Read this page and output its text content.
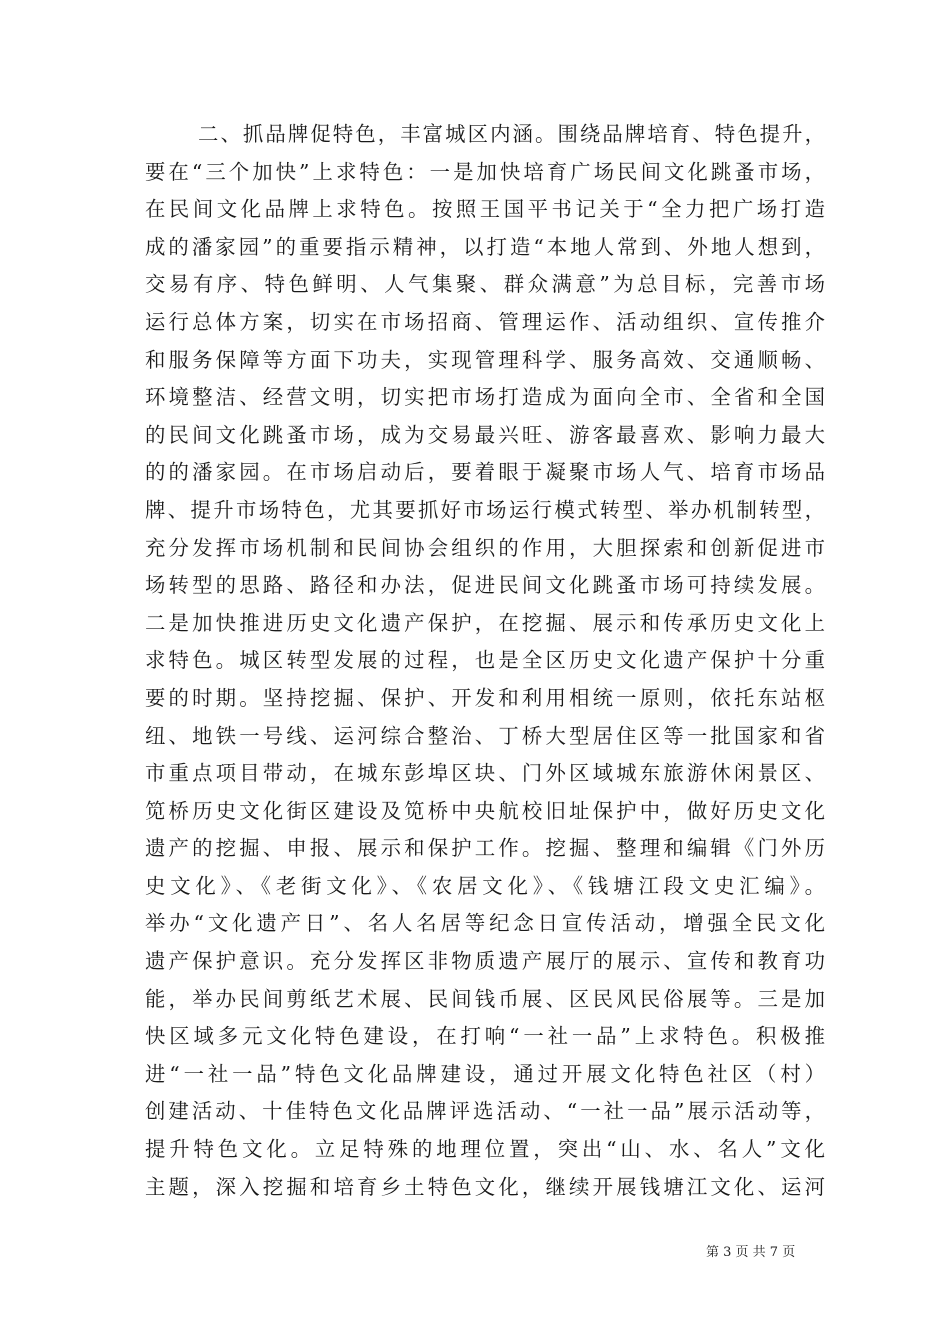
二、抓品牌促特色，丰富城区内涵。围绕品牌培育、特色提升，
要在“三个加快”上求特色：一是加快培育广场民间文化跳蚤市场，
在民间文化品牌上求特色。按照王国平书记关于“全力把广场打造
成的潘家园”的重要指示精神，以打造“本地人常到、外地人想到，
交易有序、特色鲜明、人气集聚、群众满意”为总目标，完善市场
运行总体方案，切实在市场招商、管理运作、活动组织、宣传推介
和服务保障等方面下功夫，实现管理科学、服务高效、交通顺畅、
环境整洁、经营文明，切实把市场打造成为面向全市、全省和全国
的民间文化跳蚤市场，成为交易最兴旺、游客最喜欢、影响力最大
的的潘家园。在市场启动后，要着眼于凝聚市场人气、培育市场品
牌、提升市场特色，尤其要抓好市场运行模式转型、举办机制转型，
充分发挥市场机制和民间协会组织的作用，大胆探索和创新促进市
场转型的思路、路径和办法，促进民间文化跳蚤市场可持续发展。
二是加快推进历史文化遗产保护，在挖掘、展示和传承历史文化上
求特色。城区转型发展的过程，也是全区历史文化遗产保护十分重
要的时期。坚持挖掘、保护、开发和利用相统一原则，依托东站枢
纽、地铁一号线、运河综合整治、丁桥大型居住区等一批国家和省
市重点项目带动，在城东彭埠区块、门外区域城东旅游休闲景区、
笕桥历史文化街区建设及笕桥中央航校旧址保护中，做好历史文化
遗产的挖掘、申报、展示和保护工作。挖掘、整理和编辑《门外历
史文化》、《老街文化》、《农居文化》、《钱塘江段文史汇编》。
举办“文化遗产日”、名人名居等纪念日宣传活动，增强全民文化
遗产保护意识。充分发挥区非物质遗产展厅的展示、宣传和教育功
能，举办民间剪纸艺术展、民间钱币展、区民风民俗展等。三是加
快区域多元文化特色建设，在打响“一社一品”上求特色。积极推
进“一社一品”特色文化品牌建设，通过开展文化特色社区（村）
创建活动、十佳特色文化品牌评选活动、“一社一品”展示活动等，
提升特色文化。立足特殊的地理位置，突出“山、水、名人”文化
主题，深入挖掘和培育乡土特色文化，继续开展钱塘江文化、运河
第 3 页 共 7 页
